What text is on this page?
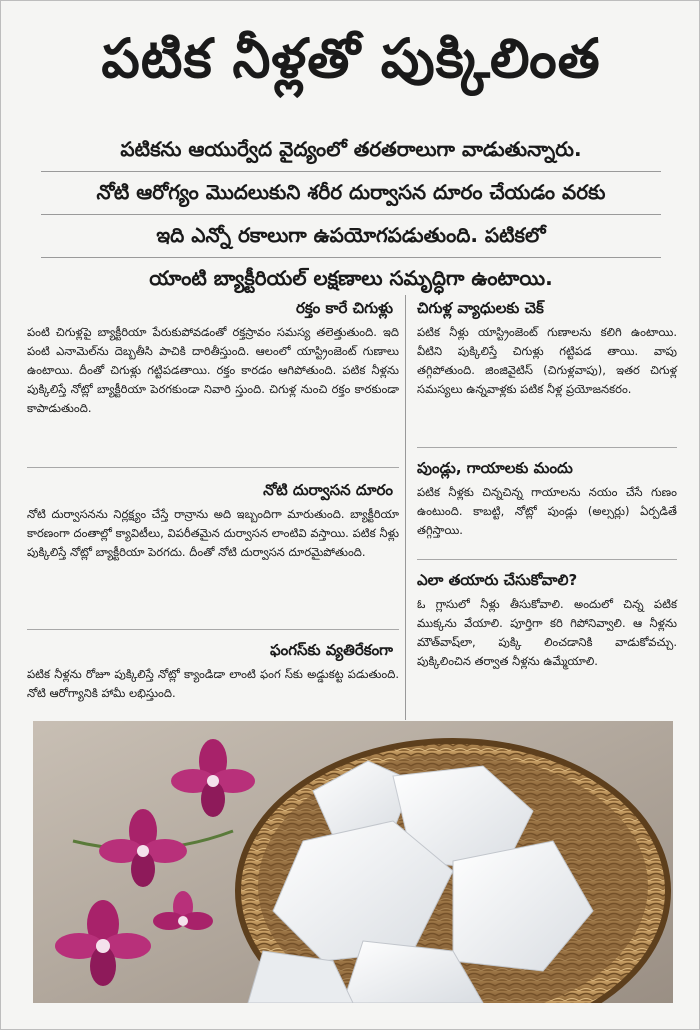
పటిక నీళ్లతో పుక్కిలింత
పటికను ఆయుర్వేద వైద్యంలో తరతరాలుగా వాడుతున్నారు.
నోటి ఆరోగ్యం మొదలుకుని శరీర దుర్వాసన దూరం చేయడం వరకు
ఇది ఎన్నో రకాలుగా ఉపయోగపడుతుంది. పటికలో
యాంటి బ్యాక్టీరియల్ లక్షణాలు సమృద్ధిగా ఉంటాయి.
రక్తం కారే చిగుళ్లు
పంటి చిగుళ్లపై బ్యాక్టీరియా పేరుకుపోవడంతో రక్తస్రావం సమస్య తలెత్తుతుంది. ఇది పంటి ఎనామెల్‌ను దెబ్బతీసి పాచికి దారితీస్తుంది. ఆలంలో యాస్ట్రింజెంట్ గుణాలు ఉంటాయి. దీంతో చిగుళ్లు గట్టిపడతాయి. రక్తం కారడం ఆగిపోతుంది. పటిక నీళ్లను పుక్కిలిస్తే నోట్లో బ్యాక్టీరియా పెరగకుండా నివారి స్తుంది. చిగుళ్ల నుంచి రక్తం కారకుండా కాపాడుతుంది.
నోటి దుర్వాసన దూరం
నోటి దుర్వాసనను నిర్లక్ష్యం చేస్తే రాన్రాను అది ఇబ్బందిగా మారుతుంది. బ్యాక్టీరియా కారణంగా దంతాల్లో క్యావిటీలు, విపరీతమైన దుర్వాసన లాంటివి వస్తాయి. పటిక నీళ్లు పుక్కిలిస్తే నోట్లో బ్యాక్టీరియా పెరగదు. దీంతో నోటి దుర్వాసన దూరమైపోతుంది.
ఫంగస్‌కు వ్యతిరేకంగా
పటిక నీళ్లను రోజూ పుక్కిలిస్తే నోట్లో క్యాండిడా లాంటి ఫంగ స్‌కు అడ్డుకట్ట పడుతుంది. నోటి ఆరోగ్యానికి హామీ లభిస్తుంది.
చిగుళ్ల వ్యాధులకు చెక్
పటిక నీళ్లు యాస్ట్రింజెంట్ గుణాలను కలిగి ఉంటాయి. వీటిని పుక్కిలిస్తే చిగుళ్లు గట్టిపడ తాయి. వాపు తగ్గిపోతుంది. జింజివైటిస్ (చిగుళ్లవాపు), ఇతర చిగుళ్ల సమస్యలు ఉన్నవాళ్లకు పటిక నీళ్ల ప్రయోజనకరం.
పుండ్లు, గాయాలకు మందు
పటిక నీళ్లకు చిన్నచిన్న గాయాలను నయం చేసే గుణం ఉంటుంది. కాబట్టి, నోట్లో పుండ్లు (అల్సర్లు) ఏర్పడితే తగ్గిస్తాయి.
ఎలా తయారు చేసుకోవాలి?
ఓ గ్లాసులో నీళ్లు తీసుకోవాలి. అందులో చిన్న పటిక ముక్కను వేయాలి. పూర్తిగా కరి గిపోనివ్వాలి. ఆ నీళ్లను మౌత్‌వాష్‌లా, పుక్కి లించడానికి వాడుకోవచ్చు. పుక్కిలించిన తర్వాత నీళ్లను ఉమ్మేయాలి.
